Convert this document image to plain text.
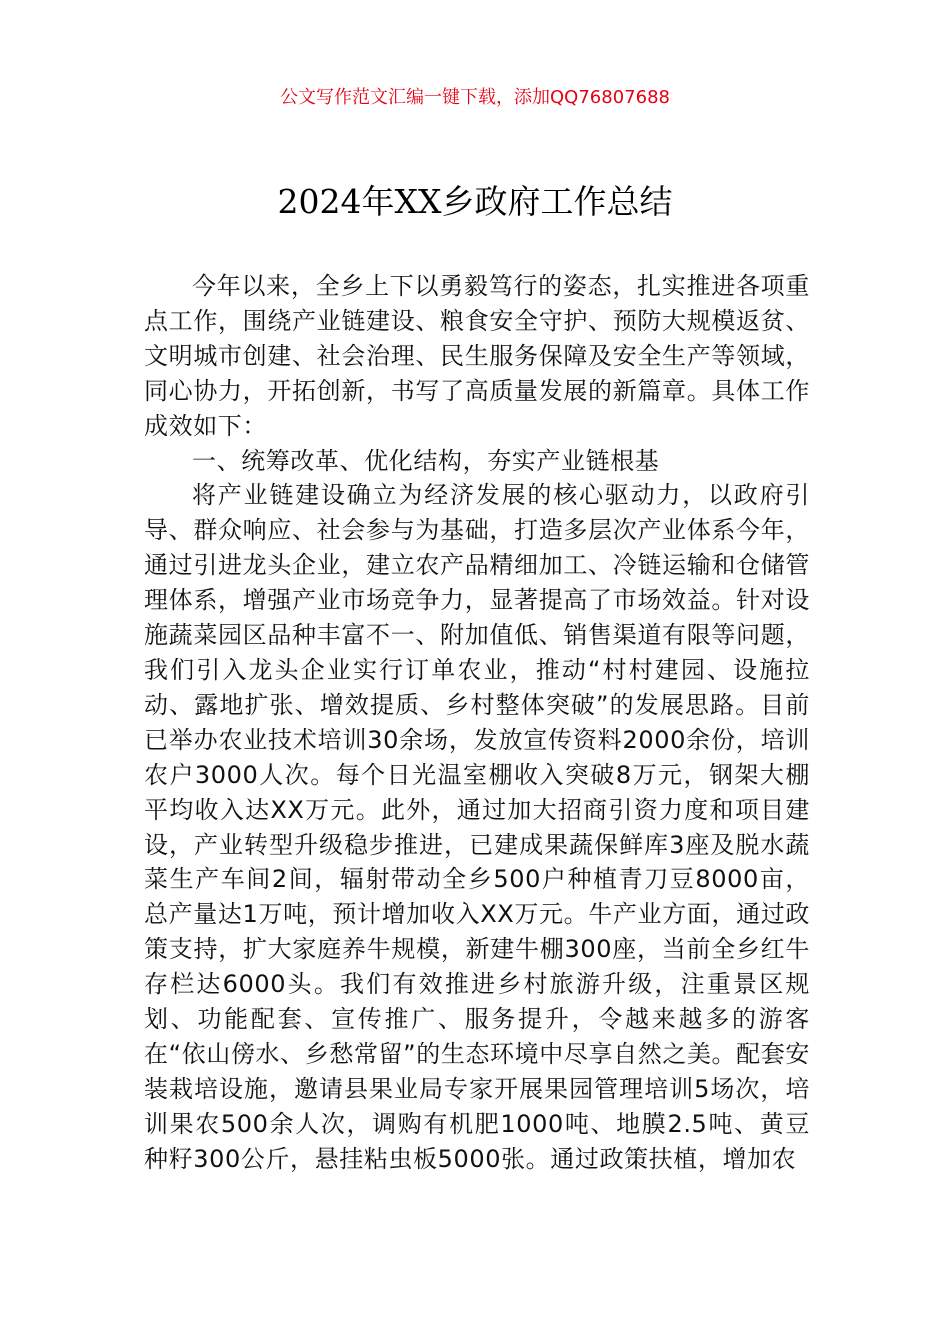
公文写作范文汇编一键下载，添加QQ76807688
2024年XX乡政府工作总结

今年以来，全乡上下以勇毅笃行的姿态，扎实推进各项重点工作，围绕产业链建设、粮食安全守护、预防大规模返贫、文明城市创建、社会治理、民生服务保障及安全生产等领域，同心协力，开拓创新，书写了高质量发展的新篇章。具体工作成效如下：

一、统筹改革、优化结构，夯实产业链根基

将产业链建设确立为经济发展的核心驱动力，以政府引导、群众响应、社会参与为基础，打造多层次产业体系今年，通过引进龙头企业，建立农产品精细加工、冷链运输和仓储管理体系，增强产业市场竞争力，显著提高了市场效益。针对设施蔬菜园区品种丰富不一、附加值低、销售渠道有限等问题，我们引入龙头企业实行订单农业，推动“村村建园、设施拉动、露地扩张、增效提质、乡村整体突破”的发展思路。目前已举办农业技术培训30余场，发放宣传资料2000余份，培训农户3000人次。每个日光温室棚收入突破8万元，钢架大棚平均收入达XX万元。此外，通过加大招商引资力度和项目建设，产业转型升级稳步推进，已建成果蔬保鲜库3座及脱水蔬菜生产车间2间，辐射带动全乡500户种植青刀豆8000亩，总产量达1万吨，预计增加收入XX万元。牛产业方面，通过政策支持，扩大家庭养牛规模，新建牛棚300座，当前全乡红牛存栏达6000头。我们有效推进乡村旅游升级，注重景区规划、功能配套、宣传推广、服务提升，令越来越多的游客在“依山傍水、乡愁常留”的生态环境中尽享自然之美。配套安装栽培设施，邀请县果业局专家开展果园管理培训5场次，培训果农500余人次，调购有机肥1000吨、地膜2.5吨、黄豆种籽300公斤，悬挂粘虫板5000张。通过政策扶植，增加农
